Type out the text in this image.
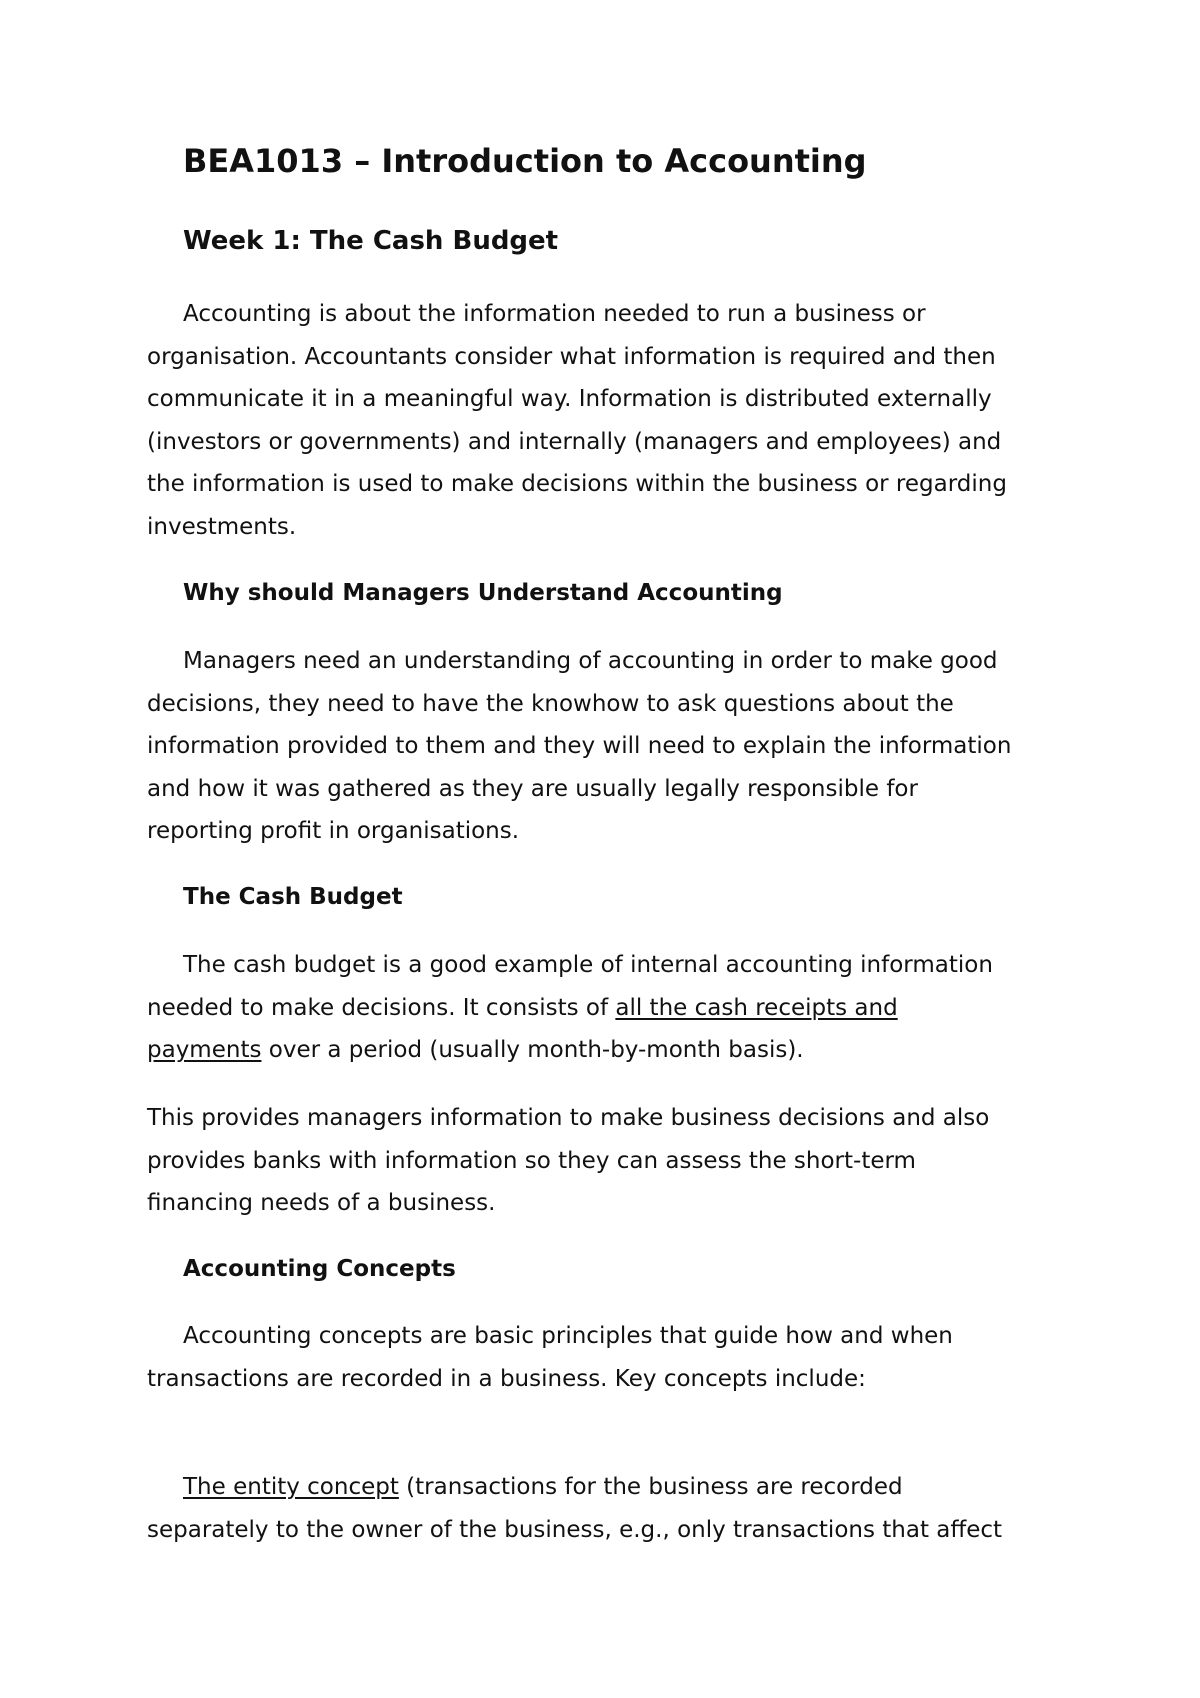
BEA1013 – Introduction to Accounting
Week 1: The Cash Budget
Accounting is about the information needed to run a business or
organisation. Accountants consider what information is required and then
communicate it in a meaningful way. Information is distributed externally
(investors or governments) and internally (managers and employees) and
the information is used to make decisions within the business or regarding
investments.
Why should Managers Understand Accounting
Managers need an understanding of accounting in order to make good
decisions, they need to have the knowhow to ask questions about the
information provided to them and they will need to explain the information
and how it was gathered as they are usually legally responsible for
reporting profit in organisations.
The Cash Budget
The cash budget is a good example of internal accounting information
needed to make decisions. It consists of all the cash receipts and
payments over a period (usually month-by-month basis).
This provides managers information to make business decisions and also
provides banks with information so they can assess the short-term
financing needs of a business.
Accounting Concepts
Accounting concepts are basic principles that guide how and when
transactions are recorded in a business. Key concepts include:
The entity concept (transactions for the business are recorded
separately to the owner of the business, e.g., only transactions that affect
